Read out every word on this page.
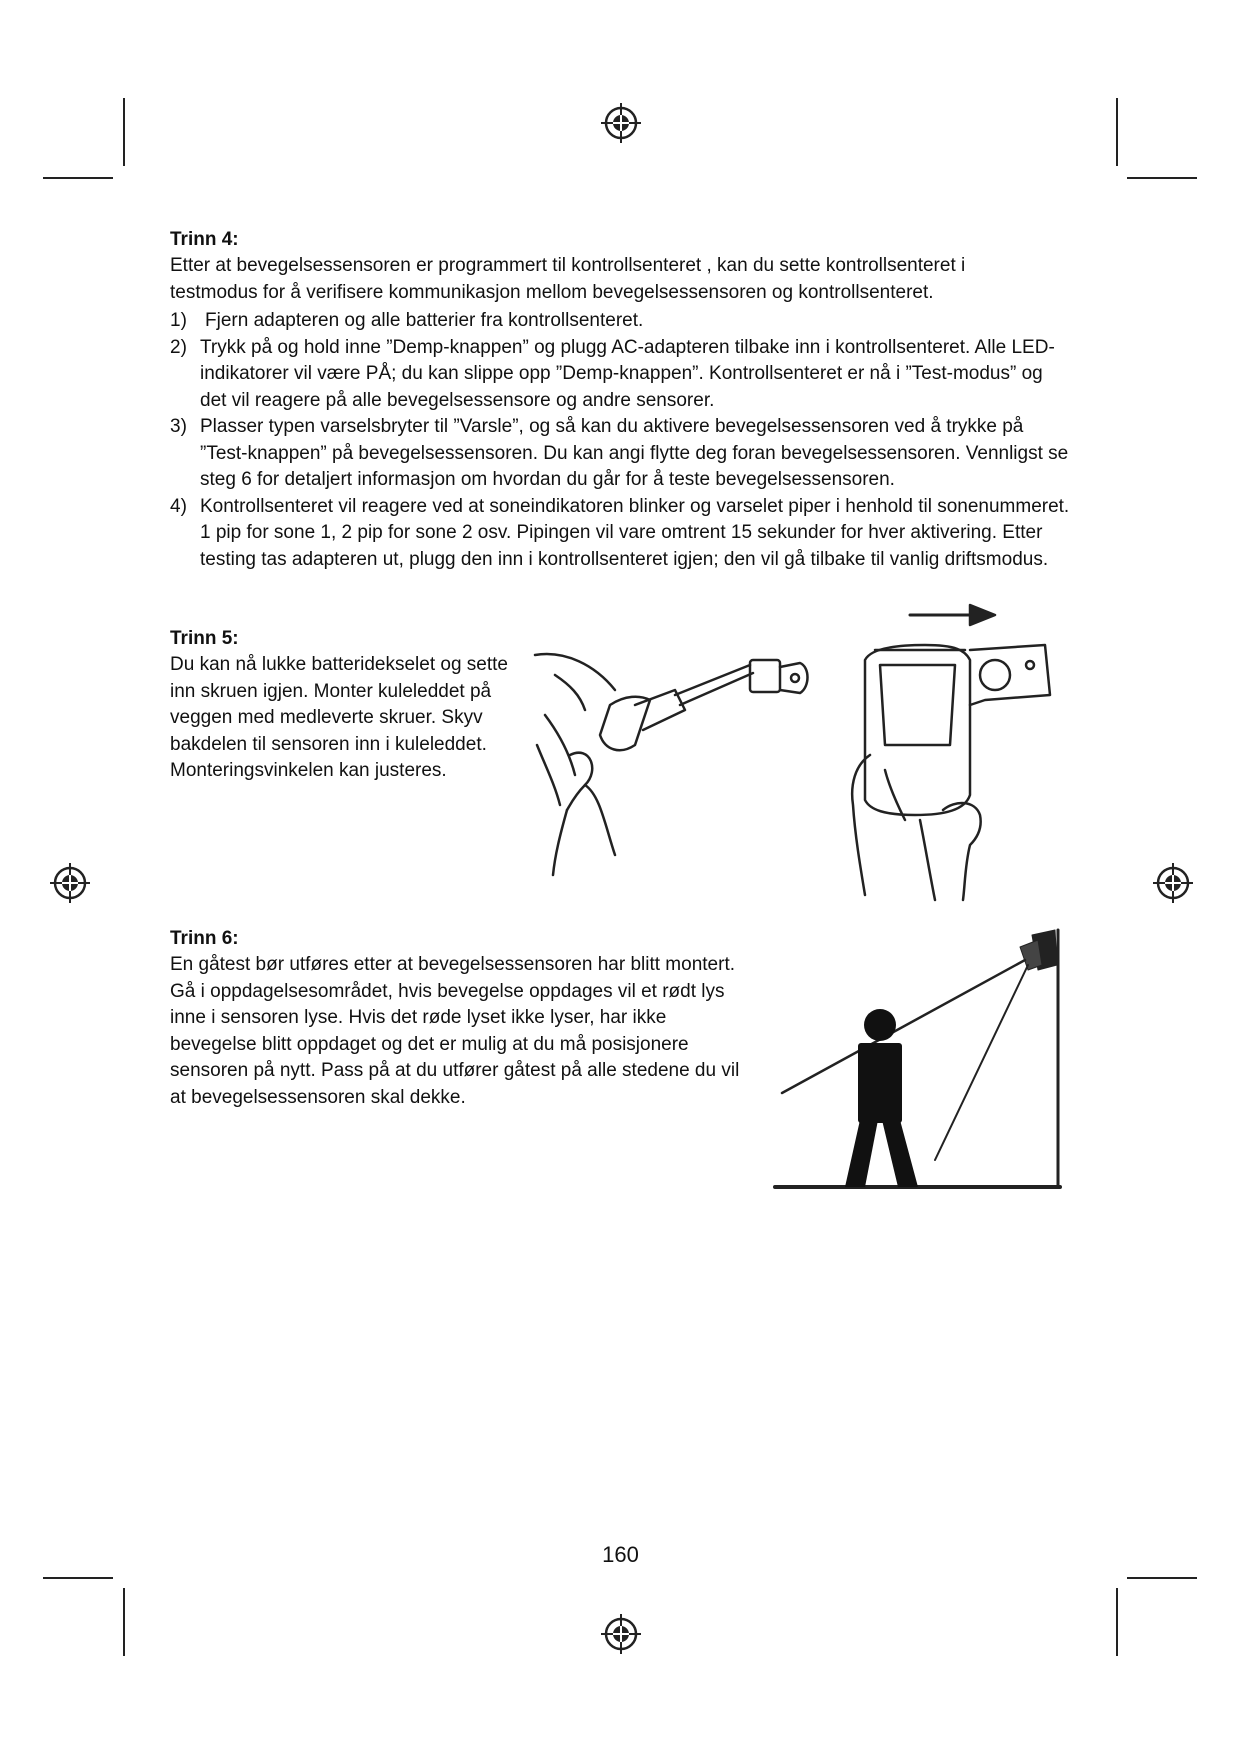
Trinn 4:

Etter at bevegelsessensoren er programmert til kontrollsenteret , kan du sette kontrollsenteret i testmodus for å verifisere kommunikasjon mellom bevegelsessensoren og kontrollsenteret.

1) Fjern adapteren og alle batterier fra kontrollsenteret.
2) Trykk på og hold inne ”Demp-knappen” og plugg AC-adapteren tilbake inn i kontrollsenteret. Alle LED-indikatorer vil være PÅ; du kan slippe opp ”Demp-knappen”. Kontrollsenteret er nå i ”Test-modus” og det vil reagere på alle bevegelsessensore og andre sensorer.
3) Plasser typen varselsbryter til ”Varsle”, og så kan du aktivere bevegelsessensoren ved å trykke på ”Test-knappen” på bevegelsessensoren. Du kan angi flytte deg foran bevegelsessensoren. Vennligst se steg 6 for detaljert informasjon om hvordan du går for å teste bevegelsessensoren.
4) Kontrollsenteret vil reagere ved at soneindikatoren blinker og varselet piper i henhold til sonenummeret. 1 pip for sone 1, 2 pip for sone 2 osv. Pipingen vil vare omtrent 15 sekunder for hver aktivering. Etter testing tas adapteren ut, plugg den inn i kontrollsenteret igjen; den vil gå tilbake til vanlig driftsmodus.
Trinn 5:

Du kan nå lukke batteridekselet og sette inn skruen igjen. Monter kuleleddet på veggen med medleverte skruer. Skyv bakdelen til sensoren inn i kuleleddet. Monteringsvinkelen kan justeres.

Trinn 6:

En gåtest bør utføres etter at bevegelsessensoren har blitt montert. Gå i oppdagelsesområdet, hvis bevegelse oppdages vil et rødt lys inne i sensoren lyse. Hvis det røde lyset ikke lyser, har ikke bevegelse blitt oppdaget og det er mulig at du må posisjonere sensoren på nytt. Pass på at du utfører gåtest på alle stedene du vil at bevegelsessensoren skal dekke.

160
